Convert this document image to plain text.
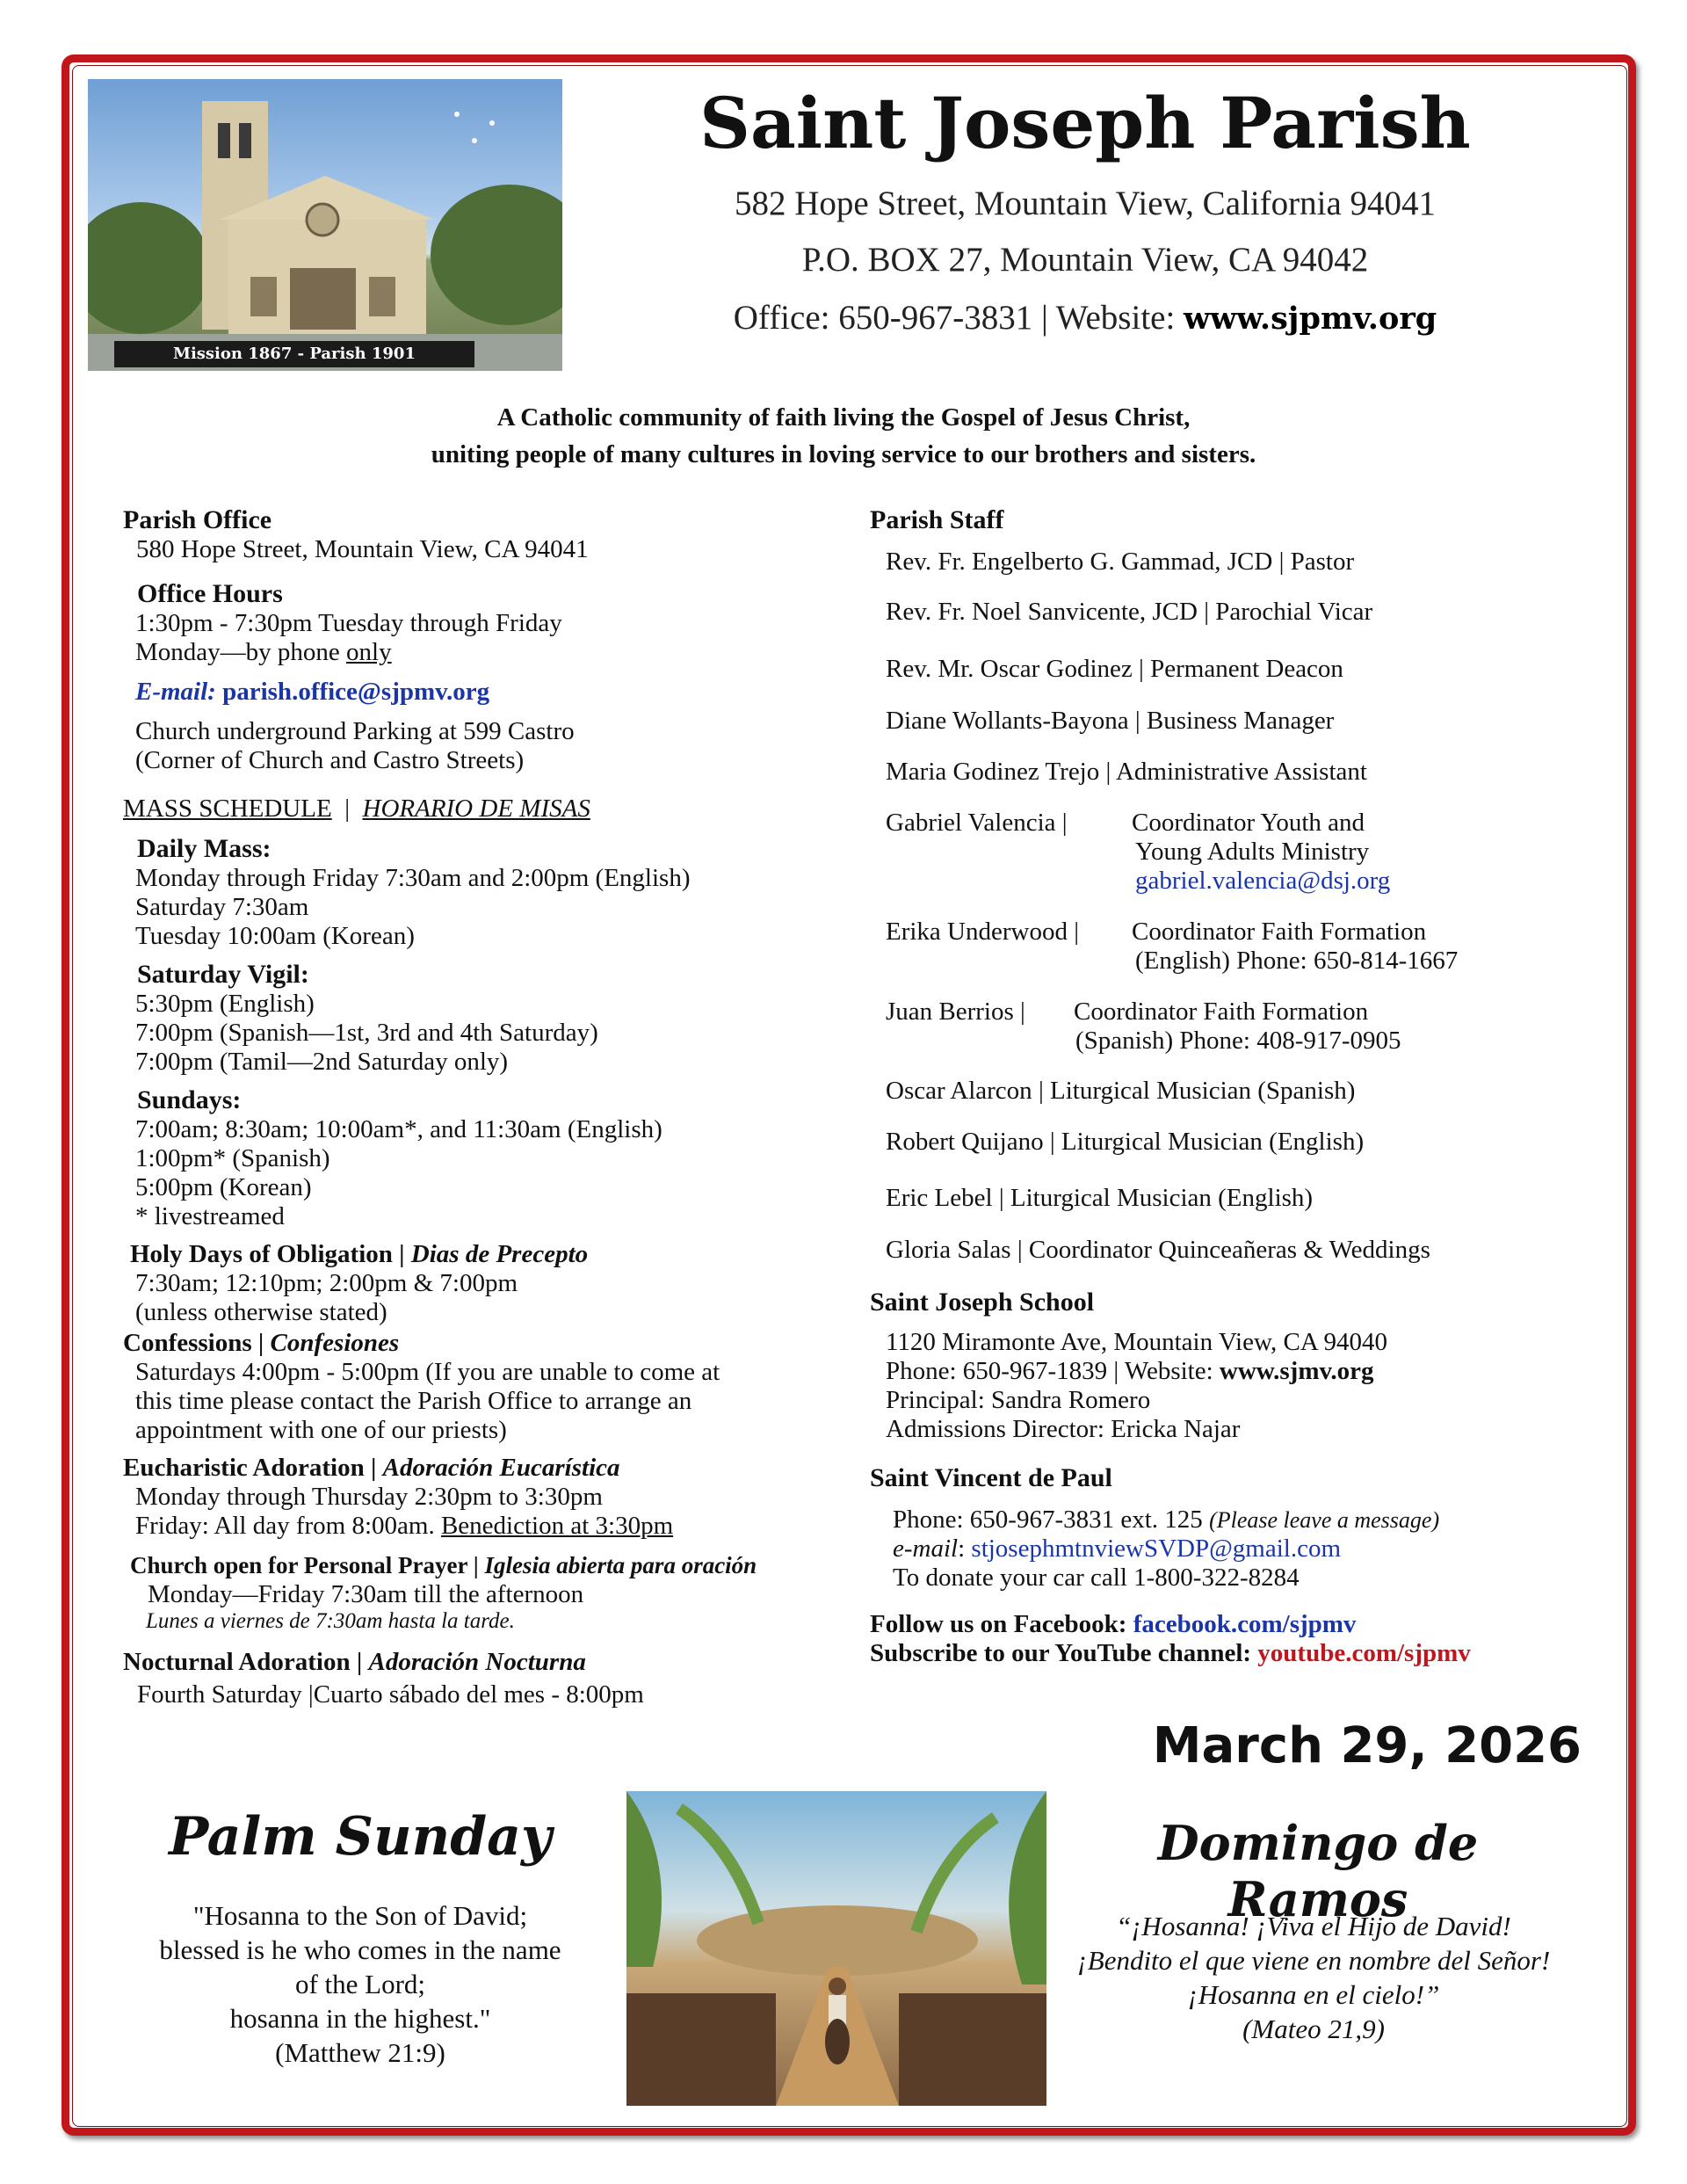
Mission 1867 - Parish 1901
Saint Joseph Parish
582 Hope Street, Mountain View, California 94041
P.O. BOX 27, Mountain View, CA 94042
Office: 650-967-3831 | Website: www.sjpmv.org
A Catholic community of faith living the Gospel of Jesus Christ,
uniting people of many cultures in loving service to our brothers and sisters.
Parish Office
580 Hope Street, Mountain View, CA 94041
Office Hours
1:30pm - 7:30pm Tuesday through Friday
Monday—by phone only
E-mail: parish.office@sjpmv.org
Church underground Parking at 599 Castro
(Corner of Church and Castro Streets)
MASS SCHEDULE  |  HORARIO DE MISAS
Daily Mass:
Monday through Friday 7:30am and 2:00pm (English)
Saturday 7:30am
Tuesday 10:00am (Korean)
Saturday Vigil:
5:30pm (English)
7:00pm (Spanish—1st, 3rd and 4th Saturday)
7:00pm (Tamil—2nd Saturday only)
Sundays:
7:00am; 8:30am; 10:00am*, and 11:30am (English)
1:00pm* (Spanish)
5:00pm (Korean)
* livestreamed
Holy Days of Obligation | Dias de Precepto
7:30am; 12:10pm; 2:00pm & 7:00pm
(unless otherwise stated)
Confessions | Confesiones
Saturdays 4:00pm - 5:00pm (If you are unable to come at
this time please contact the Parish Office to arrange an
appointment with one of our priests)
Eucharistic Adoration | Adoración Eucarística
Monday through Thursday 2:30pm to 3:30pm
Friday: All day from 8:00am. Benediction at 3:30pm
Church open for Personal Prayer | Iglesia abierta para oración
Monday—Friday 7:30am till the afternoon
Lunes a viernes de 7:30am hasta la tarde.
Nocturnal Adoration | Adoración Nocturna
Fourth Saturday |Cuarto sábado del mes - 8:00pm
Parish Staff
Rev. Fr. Engelberto G. Gammad, JCD | Pastor
Rev. Fr. Noel Sanvicente, JCD | Parochial Vicar
Rev. Mr. Oscar Godinez | Permanent Deacon
Diane Wollants-Bayona | Business Manager
Maria Godinez Trejo | Administrative Assistant
Gabriel Valencia |	Coordinator Youth and
Young Adults Ministry
gabriel.valencia@dsj.org
Erika Underwood | Coordinator Faith Formation
(English) Phone: 650-814-1667
Juan Berrios | Coordinator Faith Formation
(Spanish) Phone: 408-917-0905
Oscar Alarcon | Liturgical Musician (Spanish)
Robert Quijano | Liturgical Musician (English)
Eric Lebel | Liturgical Musician (English)
Gloria Salas | Coordinator Quinceañeras & Weddings
Saint Joseph School
1120 Miramonte Ave, Mountain View, CA 94040
Phone: 650-967-1839 | Website: www.sjmv.org
Principal: Sandra Romero
Admissions Director: Ericka Najar
Saint Vincent de Paul
Phone: 650-967-3831 ext. 125 (Please leave a message)
e-mail: stjosephmtnviewSVDP@gmail.com
To donate your car call 1-800-322-8284
Follow us on Facebook: facebook.com/sjpmv
Subscribe to our YouTube channel: youtube.com/sjpmv
March 29, 2026
Palm Sunday
"Hosanna to the Son of David;
blessed is he who comes in the name
of the Lord;
hosanna in the highest."
(Matthew 21:9)
Domingo de Ramos
“¡Hosanna! ¡Viva el Hijo de David!
¡Bendito el que viene en nombre del Señor!
¡Hosanna en el cielo!”
(Mateo 21,9)
